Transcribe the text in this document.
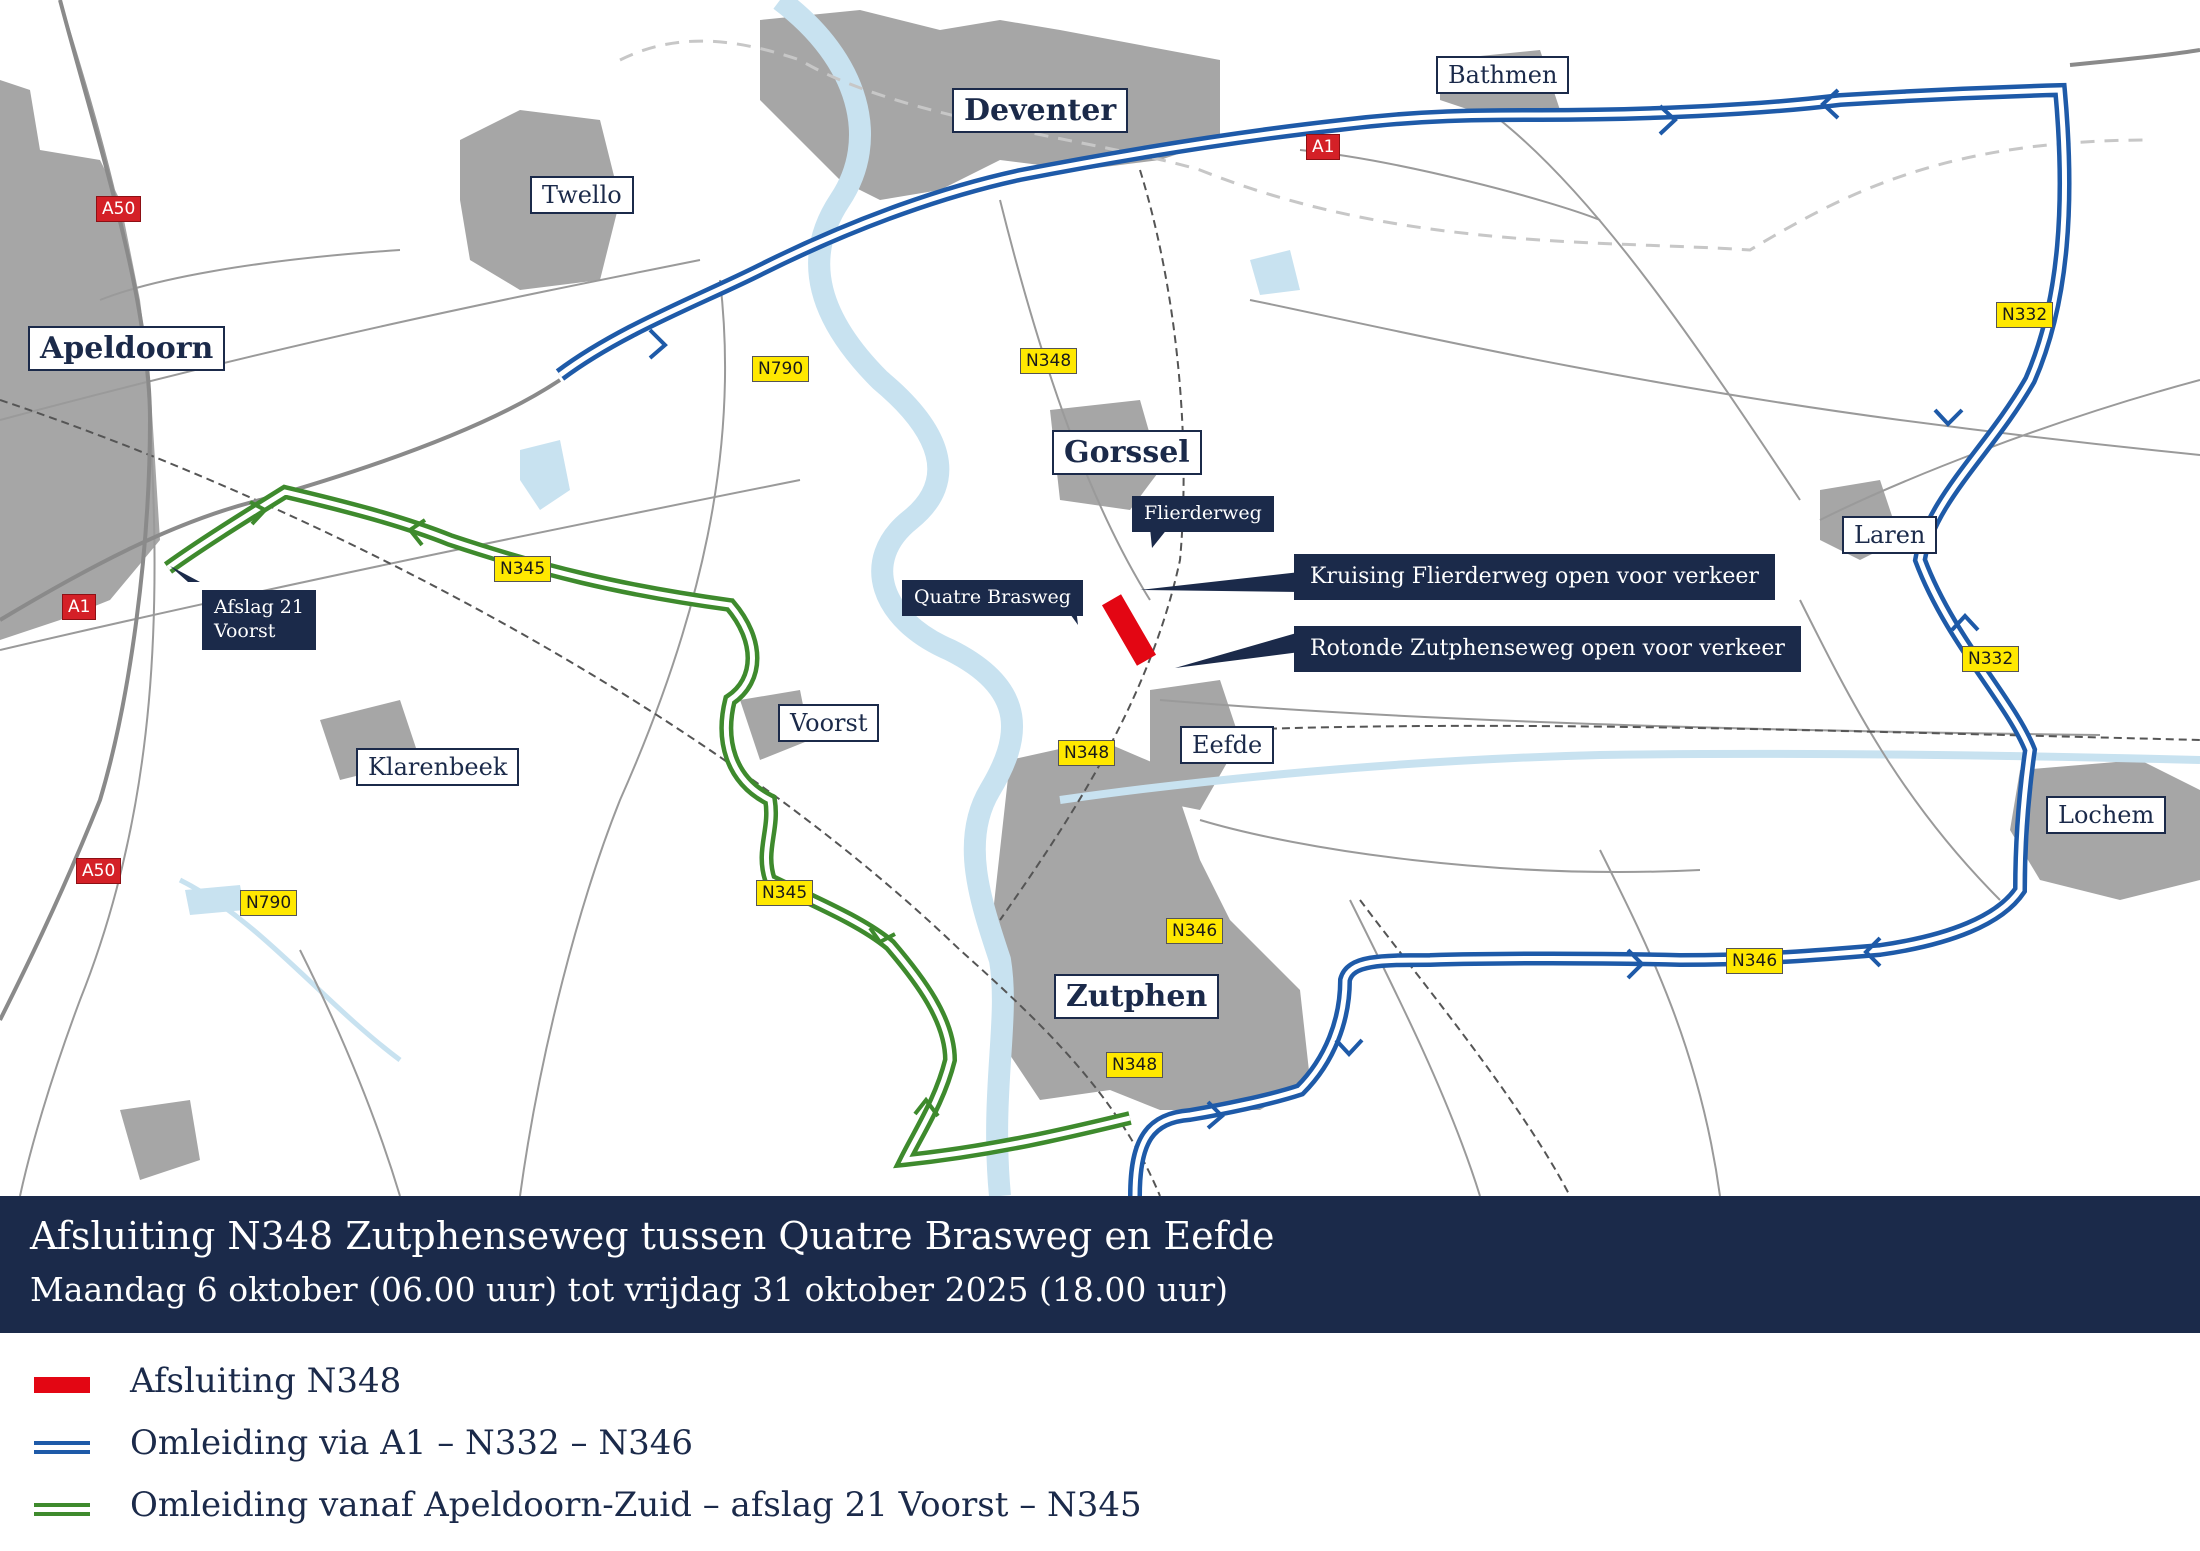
Deventer
Apeldoorn
Zutphen
Gorssel
Bathmen
Twello
Laren
Voorst
Klarenbeek
Eefde
Lochem
A50
A50
A1
A1
N790
N790
N348
N348
N348
N345
N345
N346
N346
N332
N332
Flierderweg
Quatre Brasweg
Afslag 21
Voorst
Kruising Flierderweg open voor verkeer
Rotonde Zutphenseweg open voor verkeer
Afsluiting N348 Zutphenseweg tussen Quatre Brasweg en Eefde
Maandag 6 oktober (06.00 uur) tot vrijdag 31 oktober 2025 (18.00 uur)
Afsluiting N348
Omleiding via A1 – N332 – N346
Omleiding vanaf Apeldoorn-Zuid – afslag 21 Voorst – N345
